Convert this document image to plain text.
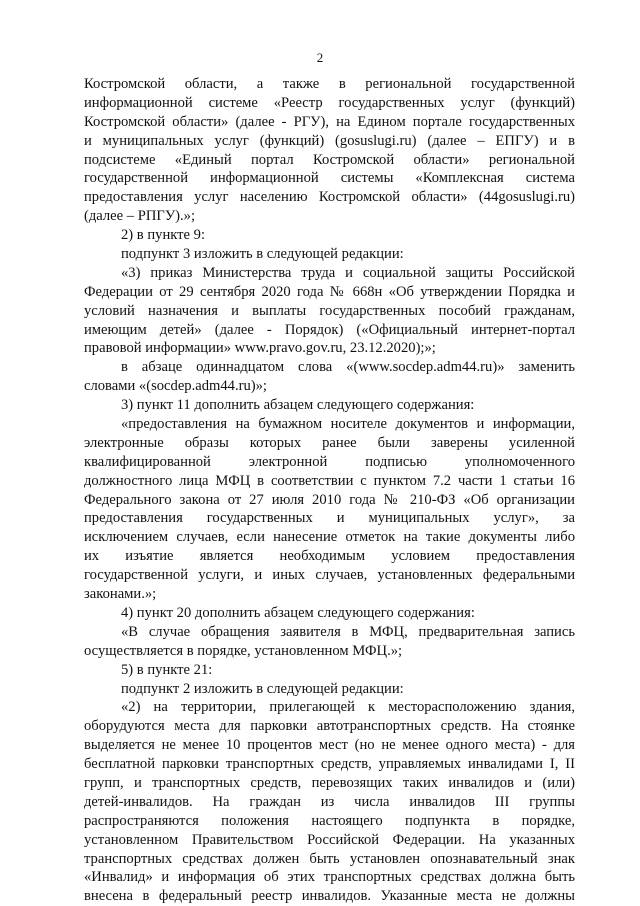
2
Костромской области, а также в региональной государственной
информационной системе «Реестр государственных услуг (функций)
Костромской области» (далее - РГУ), на Едином портале государственных
и муниципальных услуг (функций) (gosuslugi.ru) (далее – ЕПГУ) и в
подсистеме «Единый портал Костромской области» региональной
государственной информационной системы «Комплексная система
предоставления услуг населению Костромской области» (44gosuslugi.ru)
(далее – РПГУ).»;
2) в пункте 9:
подпункт 3 изложить в следующей редакции:
«3) приказ Министерства труда и социальной защиты Российской
Федерации от 29 сентября 2020 года № 668н «Об утверждении Порядка и
условий назначения и выплаты государственных пособий гражданам,
имеющим детей» (далее - Порядок) («Официальный интернет-портал
правовой информации» www.pravo.gov.ru, 23.12.2020);»;
в абзаце одиннадцатом слова «(www.socdep.adm44.ru)» заменить
словами «(socdep.adm44.ru)»;
3) пункт 11 дополнить абзацем следующего содержания:
«предоставления на бумажном носителе документов и информации,
электронные образы которых ранее были заверены усиленной
квалифицированной электронной подписью уполномоченного
должностного лица МФЦ в соответствии с пунктом 7.2 части 1 статьи 16
Федерального закона от 27 июля 2010 года № 210-ФЗ «Об организации
предоставления государственных и муниципальных услуг», за
исключением случаев, если нанесение отметок на такие документы либо
их изъятие является необходимым условием предоставления
государственной услуги, и иных случаев, установленных федеральными
законами.»;
4) пункт 20 дополнить абзацем следующего содержания:
«В случае обращения заявителя в МФЦ, предварительная запись
осуществляется в порядке, установленном МФЦ.»;
5) в пункте 21:
подпункт 2 изложить в следующей редакции:
«2) на территории, прилегающей к месторасположению здания,
оборудуются места для парковки автотранспортных средств. На стоянке
выделяется не менее 10 процентов мест (но не менее одного места) - для
бесплатной парковки транспортных средств, управляемых инвалидами I, II
групп, и транспортных средств, перевозящих таких инвалидов и (или)
детей-инвалидов. На граждан из числа инвалидов III группы
распространяются положения настоящего подпункта в порядке,
установленном Правительством Российской Федерации. На указанных
транспортных средствах должен быть установлен опознавательный знак
«Инвалид» и информация об этих транспортных средствах должна быть
внесена в федеральный реестр инвалидов. Указанные места не должны
